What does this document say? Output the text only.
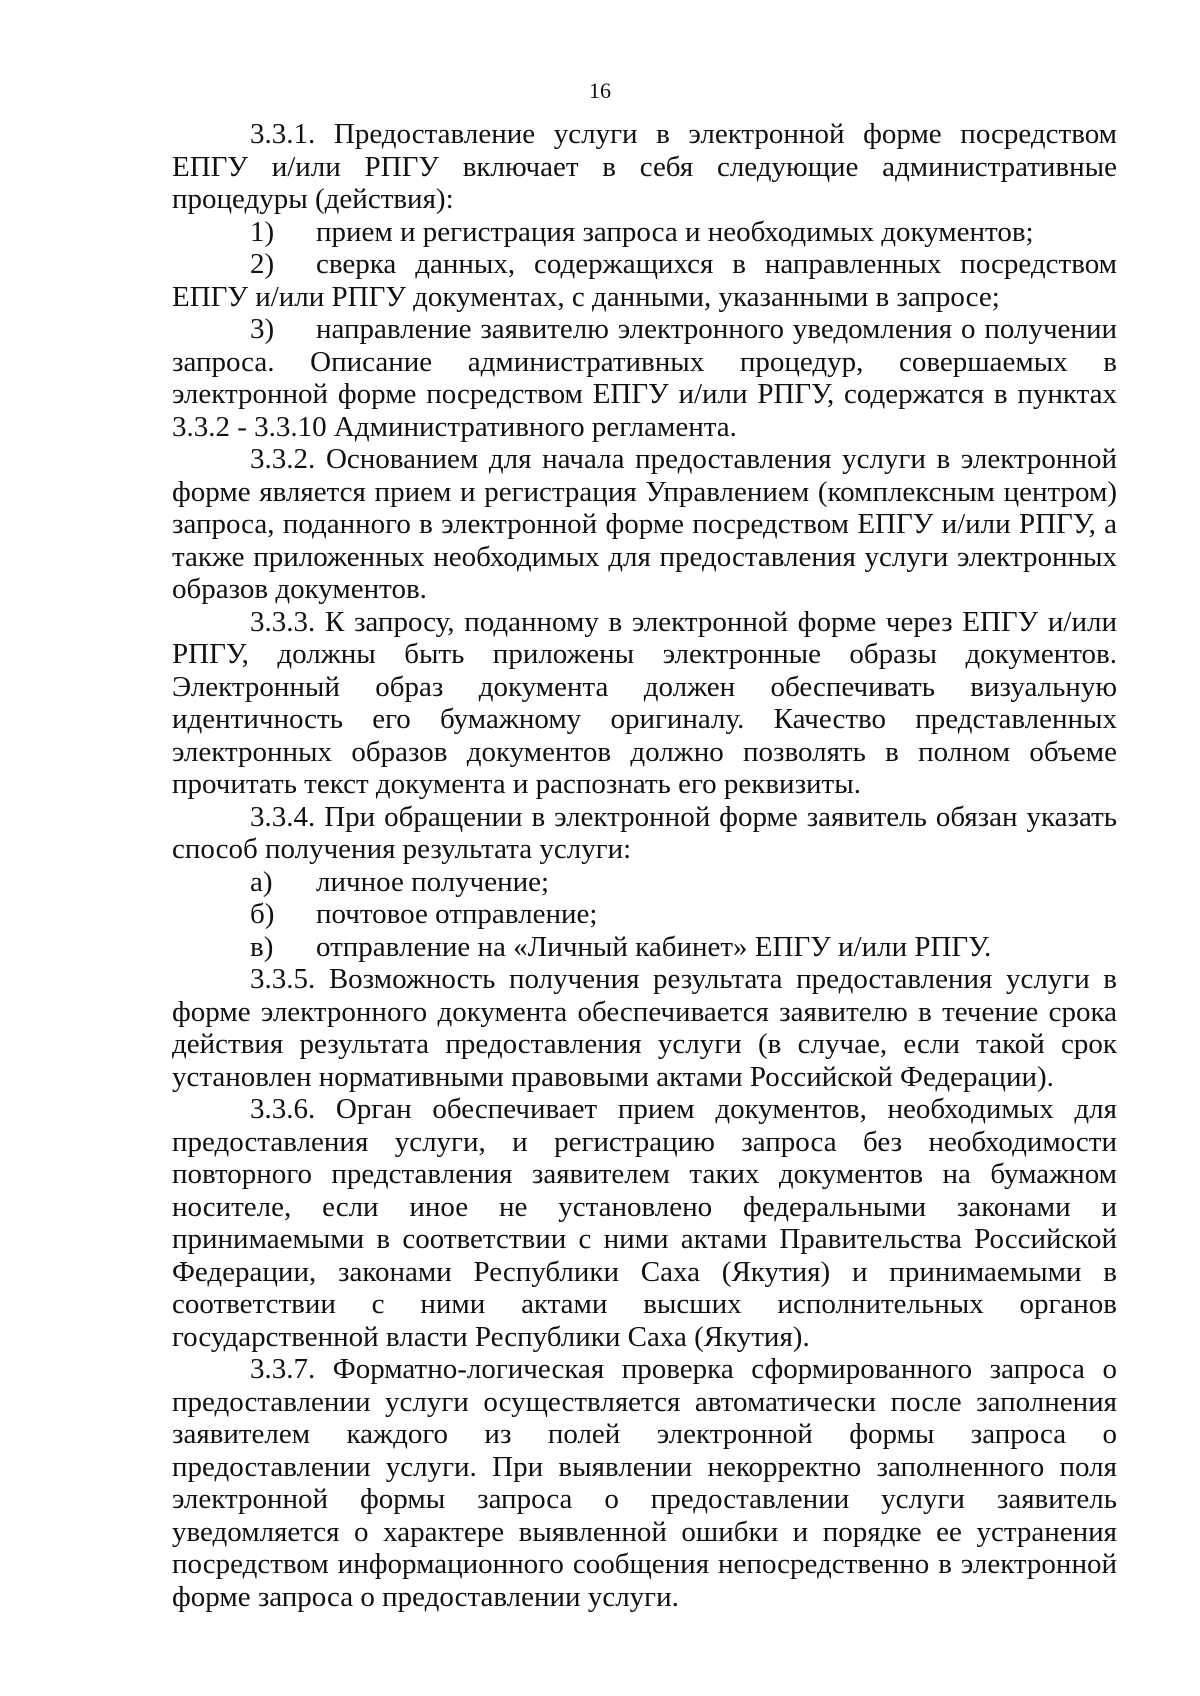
16

3.3.1. Предоставление услуги в электронной форме посредством ЕПГУ и/или РПГУ включает в себя следующие административные процедуры (действия):

1) прием и регистрация запроса и необходимых документов;

2) сверка данных, содержащихся в направленных посредством ЕПГУ и/или РПГУ документах, с данными, указанными в запросе;

3) направление заявителю электронного уведомления о получении запроса. Описание административных процедур, совершаемых в электронной форме посредством ЕПГУ и/или РПГУ, содержатся в пунктах 3.3.2 - 3.3.10 Административного регламента.

3.3.2. Основанием для начала предоставления услуги в электронной форме является прием и регистрация Управлением (комплексным центром) запроса, поданного в электронной форме посредством ЕПГУ и/или РПГУ, а также приложенных необходимых для предоставления услуги электронных образов документов.

3.3.3. К запросу, поданному в электронной форме через ЕПГУ и/или РПГУ, должны быть приложены электронные образы документов. Электронный образ документа должен обеспечивать визуальную идентичность его бумажному оригиналу. Качество представленных электронных образов документов должно позволять в полном объеме прочитать текст документа и распознать его реквизиты.

3.3.4. При обращении в электронной форме заявитель обязан указать способ получения результата услуги:

а) личное получение;

б) почтовое отправление;

в) отправление на «Личный кабинет» ЕПГУ и/или РПГУ.

3.3.5. Возможность получения результата предоставления услуги в форме электронного документа обеспечивается заявителю в течение срока действия результата предоставления услуги (в случае, если такой срок установлен нормативными правовыми актами Российской Федерации).

3.3.6. Орган обеспечивает прием документов, необходимых для предоставления услуги, и регистрацию запроса без необходимости повторного представления заявителем таких документов на бумажном носителе, если иное не установлено федеральными законами и принимаемыми в соответствии с ними актами Правительства Российской Федерации, законами Республики Саха (Якутия) и принимаемыми в соответствии с ними актами высших исполнительных органов государственной власти Республики Саха (Якутия).

3.3.7. Форматно-логическая проверка сформированного запроса о предоставлении услуги осуществляется автоматически после заполнения заявителем каждого из полей электронной формы запроса о предоставлении услуги. При выявлении некорректно заполненного поля электронной формы запроса о предоставлении услуги заявитель уведомляется о характере выявленной ошибки и порядке ее устранения посредством информационного сообщения непосредственно в электронной форме запроса о предоставлении услуги.
